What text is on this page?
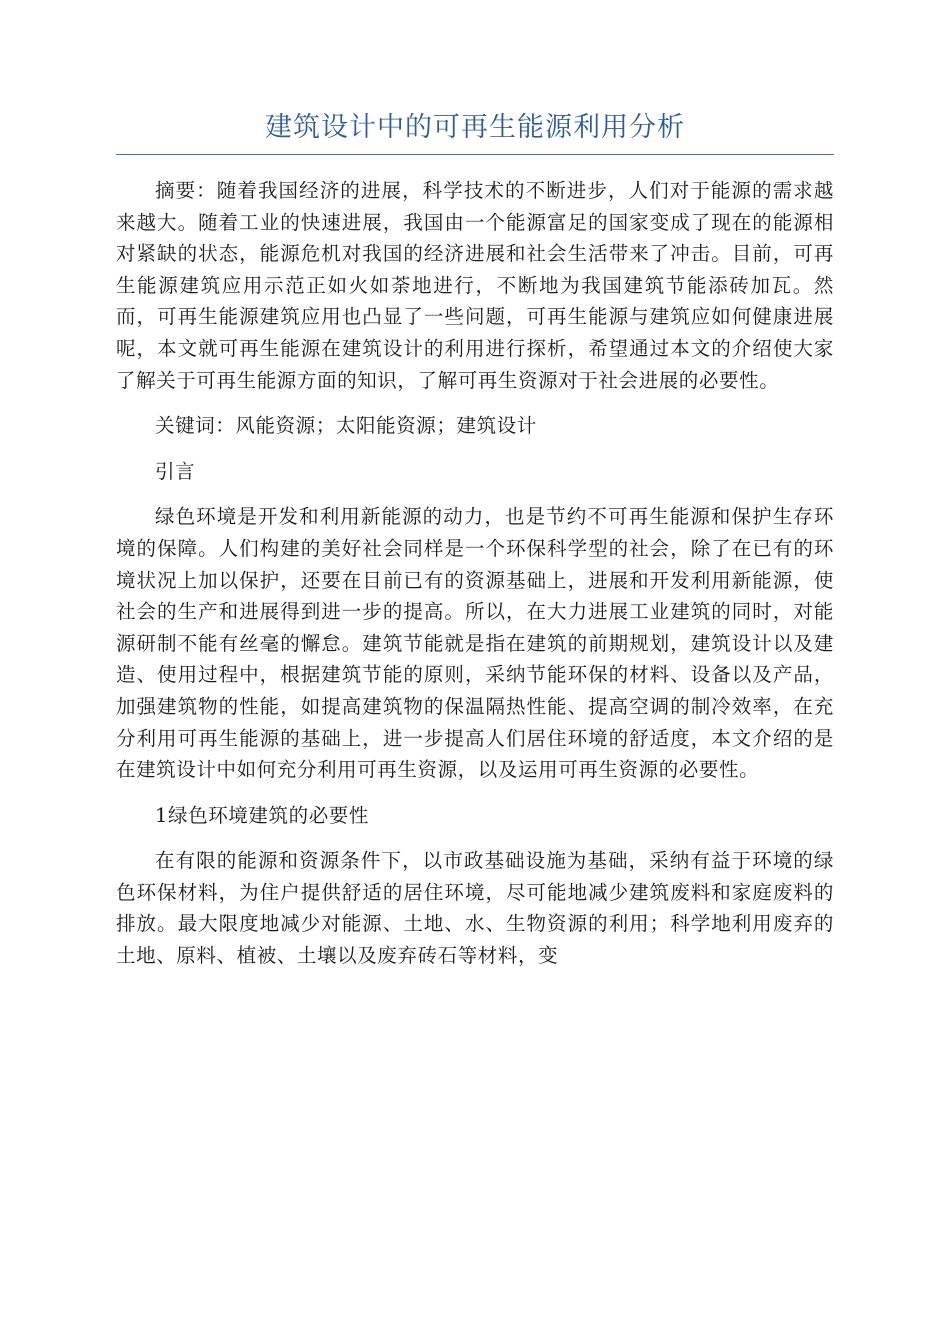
建筑设计中的可再生能源利用分析

摘要：随着我国经济的进展，科学技术的不断进步，人们对于能源的需求越来越大。随着工业的快速进展，我国由一个能源富足的国家变成了现在的能源相对紧缺的状态，能源危机对我国的经济进展和社会生活带来了冲击。目前，可再生能源建筑应用示范正如火如荼地进行，不断地为我国建筑节能添砖加瓦。然而，可再生能源建筑应用也凸显了一些问题，可再生能源与建筑应如何健康进展呢，本文就可再生能源在建筑设计的利用进行探析，希望通过本文的介绍使大家了解关于可再生能源方面的知识，了解可再生资源对于社会进展的必要性。

关键词：风能资源；太阳能资源；建筑设计

引言

绿色环境是开发和利用新能源的动力，也是节约不可再生能源和保护生存环境的保障。人们构建的美好社会同样是一个环保科学型的社会，除了在已有的环境状况上加以保护，还要在目前已有的资源基础上，进展和开发利用新能源，使社会的生产和进展得到进一步的提高。所以，在大力进展工业建筑的同时，对能源研制不能有丝毫的懈怠。建筑节能就是指在建筑的前期规划，建筑设计以及建造、使用过程中，根据建筑节能的原则，采纳节能环保的材料、设备以及产品，加强建筑物的性能，如提高建筑物的保温隔热性能、提高空调的制冷效率，在充分利用可再生能源的基础上，进一步提高人们居住环境的舒适度，本文介绍的是在建筑设计中如何充分利用可再生资源，以及运用可再生资源的必要性。

1绿色环境建筑的必要性

在有限的能源和资源条件下，以市政基础设施为基础，采纳有益于环境的绿色环保材料，为住户提供舒适的居住环境，尽可能地减少建筑废料和家庭废料的排放。最大限度地减少对能源、土地、水、生物资源的利用；科学地利用废弃的土地、原料、植被、土壤以及废弃砖石等材料，变
